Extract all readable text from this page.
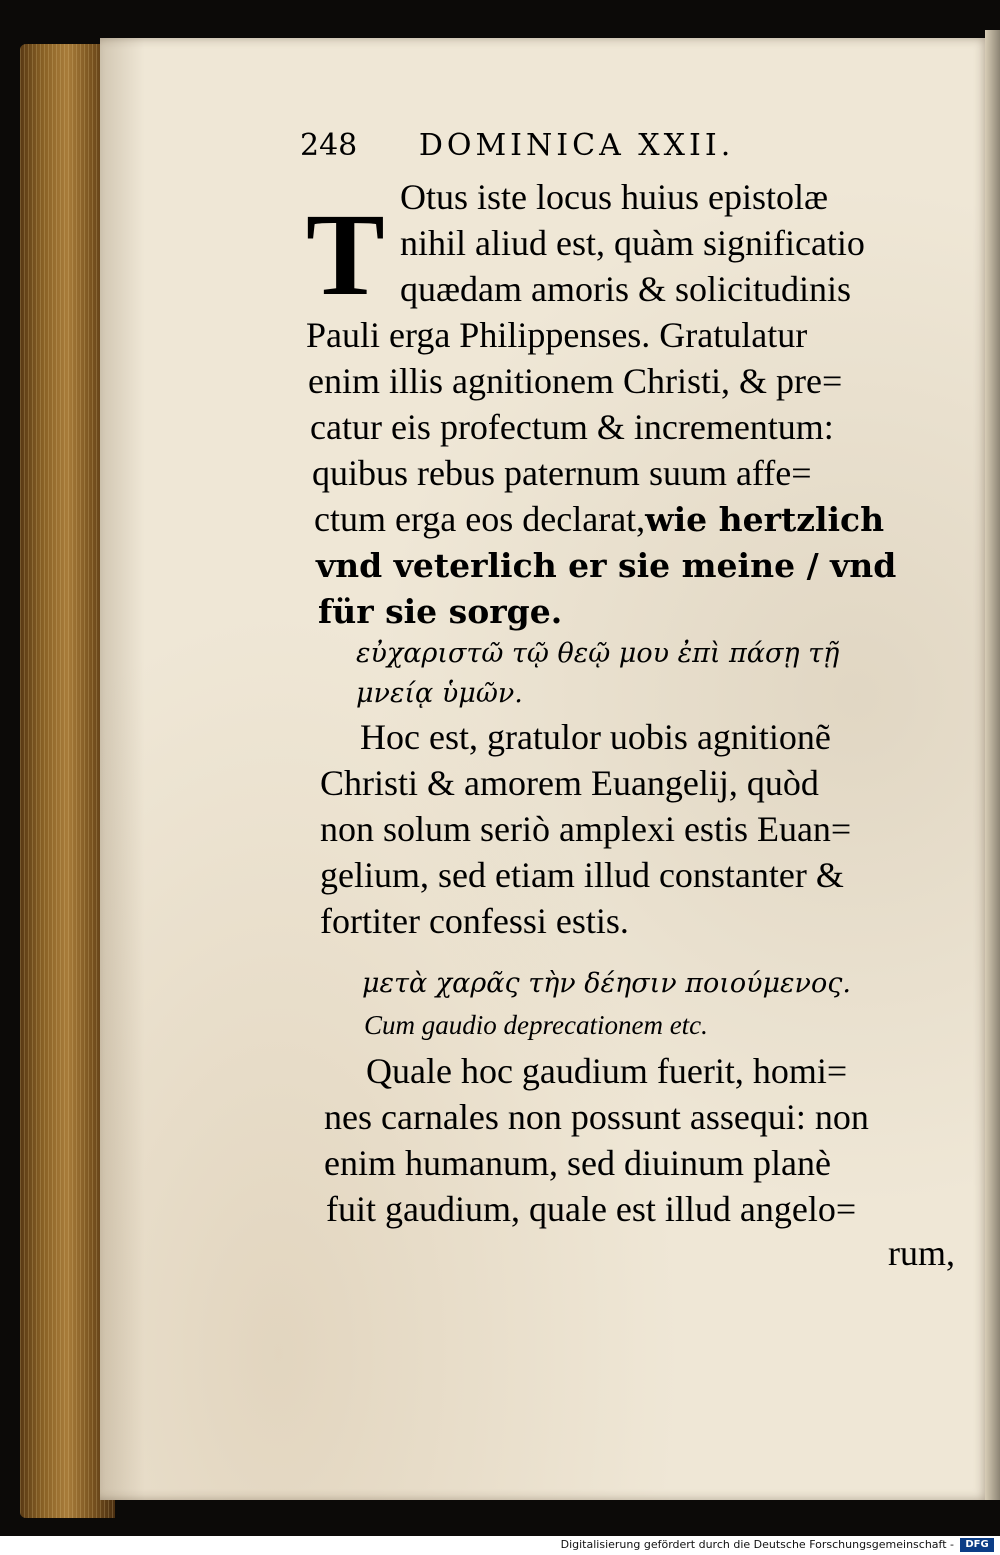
248 DOMINICA XXII.
T Otus iste locus huius epistolæ
nihil aliud est, quàm significatio
quædam amoris & solicitudinis
Pauli erga Philippenses. Gratulatur
enim illis agnitionem Christi, & pre=
catur eis profectum & incrementum:
quibus rebus paternum suum affe=
ctum erga eos declarat,wie hertzlich
vnd veterlich er sie meine / vnd
für sie sorge.
εὐχαριστῶ τῷ θεῷ μου ἐπὶ πάσῃ τῇ
μνείᾳ ὑμῶν.
Hoc est, gratulor uobis agnitionẽ
Christi & amorem Euangelij, quòd
non solum seriò amplexi estis Euan=
gelium, sed etiam illud constanter &
fortiter confessi estis.
μετὰ χαρᾶς τὴν δέησιν ποιούμενος.
Cum gaudio deprecationem etc.
Quale hoc gaudium fuerit, homi=
nes carnales non possunt assequi: non
enim humanum, sed diuinum planè
fuit gaudium, quale est illud angelo=
rum,
Digitalisierung gefördert durch die Deutsche Forschungsgemeinschaft -	DFG
